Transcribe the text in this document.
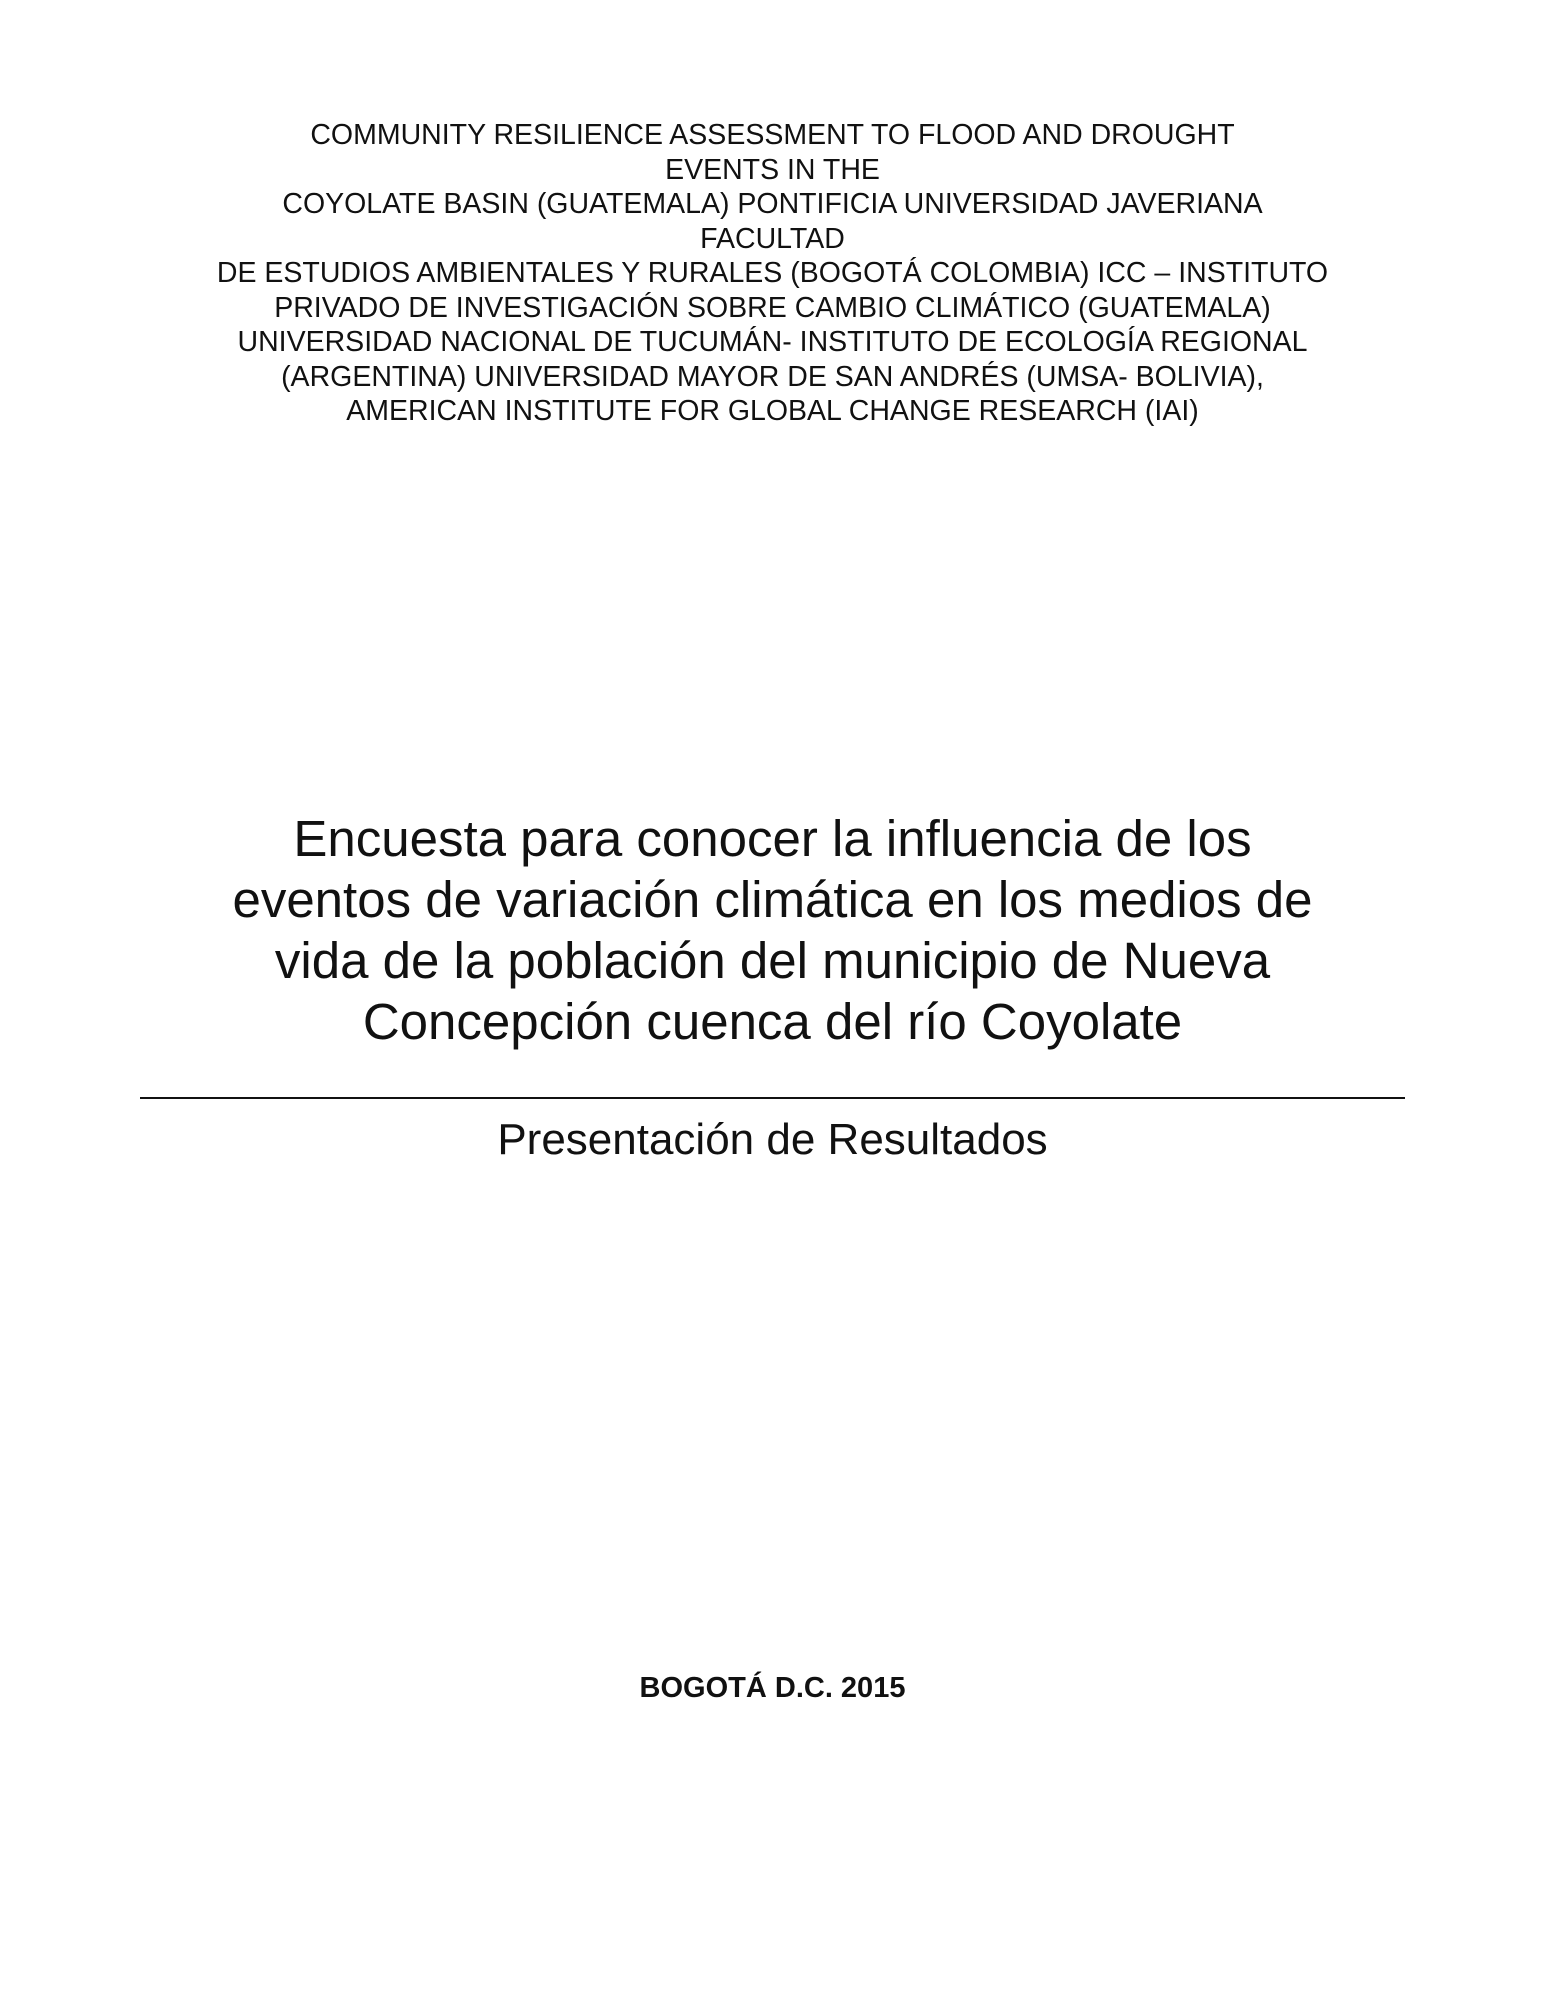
COMMUNITY RESILIENCE ASSESSMENT TO FLOOD AND DROUGHT
EVENTS IN THE
COYOLATE BASIN (GUATEMALA) PONTIFICIA UNIVERSIDAD JAVERIANA
FACULTAD
DE ESTUDIOS AMBIENTALES Y RURALES (BOGOTÁ COLOMBIA) ICC – INSTITUTO
PRIVADO DE INVESTIGACIÓN SOBRE CAMBIO CLIMÁTICO (GUATEMALA)
UNIVERSIDAD NACIONAL DE TUCUMÁN- INSTITUTO DE ECOLOGÍA REGIONAL
(ARGENTINA) UNIVERSIDAD MAYOR DE SAN ANDRÉS (UMSA- BOLIVIA),
AMERICAN INSTITUTE FOR GLOBAL CHANGE RESEARCH (IAI)
Encuesta para conocer la influencia de los
eventos de variación climática en los medios de
vida de la población del municipio de Nueva
Concepción cuenca del río Coyolate
Presentación de Resultados
BOGOTÁ D.C. 2015
